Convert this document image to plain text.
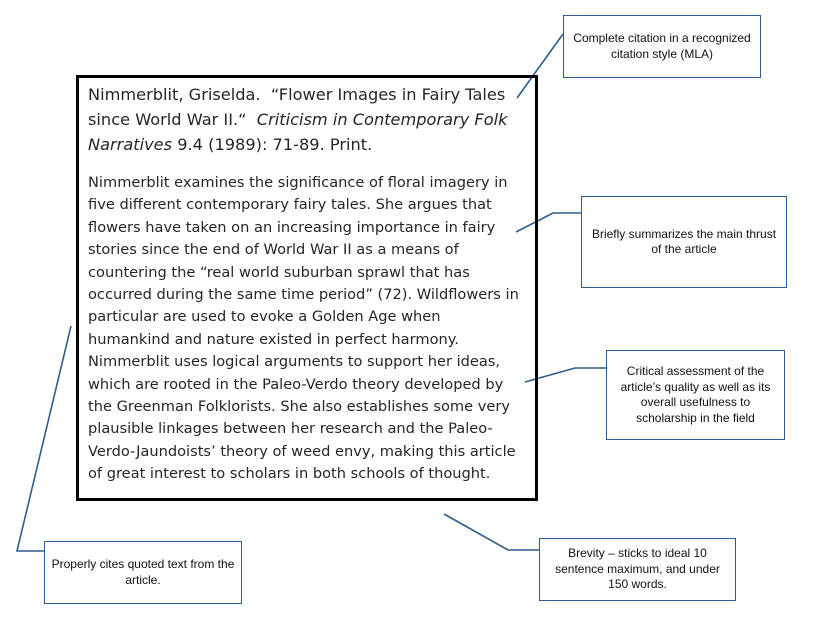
Nimmerblit, Griselda. “Flower Images in Fairy Tales since World War II.“ Criticism in Contemporary Folk Narratives 9.4 (1989): 71-89. Print.

Nimmerblit examines the significance of floral imagery in five different contemporary fairy tales. She argues that flowers have taken on an increasing importance in fairy stories since the end of World War II as a means of countering the “real world suburban sprawl that has occurred during the same time period” (72). Wildflowers in particular are used to evoke a Golden Age when humankind and nature existed in perfect harmony. Nimmerblit uses logical arguments to support her ideas, which are rooted in the Paleo-Verdo theory developed by the Greenman Folklorists. She also establishes some very plausible linkages between her research and the Paleo-Verdo-Jaundoists’ theory of weed envy, making this article of great interest to scholars in both schools of thought.

Complete citation in a recognized citation style (MLA)
Briefly summarizes the main thrust of the article
Critical assessment of the article’s quality as well as its overall usefulness to scholarship in the field
Properly cites quoted text from the article.
Brevity – sticks to ideal 10 sentence maximum, and under 150 words.
